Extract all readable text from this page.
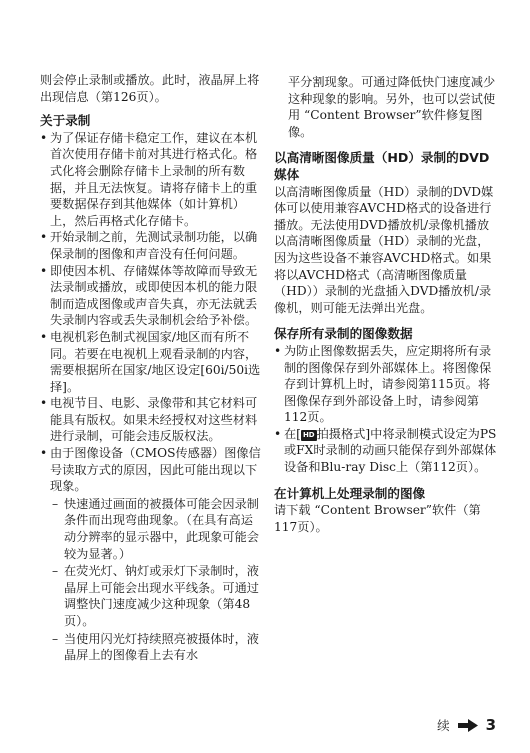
则会停止录制或播放。此时，液晶屏上将出现信息（第126页）。

关于录制

• 为了保证存储卡稳定工作，建议在本机首次使用存储卡前对其进行格式化。格式化将会删除存储卡上录制的所有数据，并且无法恢复。请将存储卡上的重要数据保存到其他媒体（如计算机）上，然后再格式化存储卡。
• 开始录制之前，先测试录制功能，以确保录制的图像和声音没有任何问题。
• 即使因本机、存储媒体等故障而导致无法录制或播放，或即使因本机的能力限制而造成图像或声音失真，亦无法就丢失录制内容或丢失录制机会给予补偿。
• 电视机彩色制式视国家/地区而有所不同。若要在电视机上观看录制的内容，需要根据所在国家/地区设定[60i/50i选择]。
• 电视节目、电影、录像带和其它材料可能具有版权。如果未经授权对这些材料进行录制，可能会违反版权法。
• 由于图像设备（CMOS传感器）图像信号读取方式的原因，因此可能出现以下现象。
– 快速通过画面的被摄体可能会因录制条件而出现弯曲现象。（在具有高运动分辨率的显示器中，此现象可能会较为显著。）
– 在荧光灯、钠灯或汞灯下录制时，液晶屏上可能会出现水平线条。可通过调整快门速度减少这种现象（第48页）。
– 当使用闪光灯持续照亮被摄体时，液晶屏上的图像看上去有水

平分割现象。可通过降低快门速度减少这种现象的影响。另外，也可以尝试使用 “Content Browser”软件修复图像。

以高清晰图像质量（HD）录制的DVD媒体

以高清晰图像质量（HD）录制的DVD媒体可以使用兼容AVCHD格式的设备进行播放。无法使用DVD播放机/录像机播放以高清晰图像质量（HD）录制的光盘，因为这些设备不兼容AVCHD格式。如果将以AVCHD格式（高清晰图像质量（HD））录制的光盘插入DVD播放机/录像机，则可能无法弹出光盘。

保存所有录制的图像数据

• 为防止图像数据丢失，应定期将所有录制的图像保存到外部媒体上。将图像保存到计算机上时，请参阅第115页。将图像保存到外部设备上时，请参阅第112页。
• 在[ HD 拍摄格式]中将录制模式设定为PS或FX时录制的动画只能保存到外部媒体设备和Blu-ray Disc上（第112页）。

在计算机上处理录制的图像

请下载 “Content Browser”软件（第117页）。

续 3
